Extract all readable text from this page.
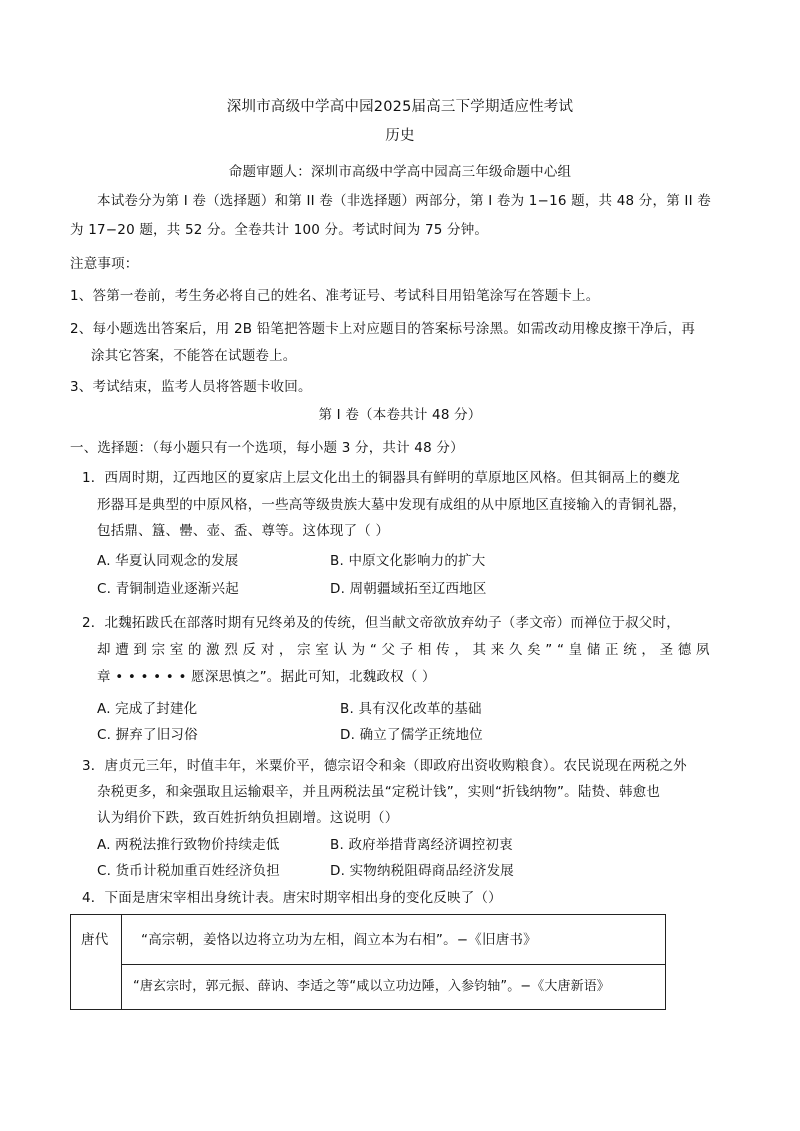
深圳市高级中学高中园2025届高三下学期适应性考试
历史
命题审题人：深圳市高级中学高中园高三年级命题中心组
本试卷分为第 I 卷（选择题）和第 II 卷（非选择题）两部分，第 I 卷为 1−16 题，共 48 分，第 II 卷
为 17−20 题，共 52 分。全卷共计 100 分。考试时间为 75 分钟。
注意事项：
1、答第一卷前，考生务必将自己的姓名、准考证号、考试科目用铅笔涂写在答题卡上。
2、每小题选出答案后，用 2B 铅笔把答题卡上对应题目的答案标号涂黑。如需改动用橡皮擦干净后，再
涂其它答案，不能答在试题卷上。
3、考试结束，监考人员将答题卡收回。
第 I 卷（本卷共计 48 分）
一、选择题：（每小题只有一个选项，每小题 3 分，共计 48 分）
1．西周时期，辽西地区的夏家店上层文化出土的铜器具有鲜明的草原地区风格。但其铜鬲上的夔龙
形器耳是典型的中原风格，一些高等级贵族大墓中发现有成组的从中原地区直接输入的青铜礼器，
包括鼎、簋、罍、壶、盉、尊等。这体现了（ ）
A. 华夏认同观念的发展	B. 中原文化影响力的扩大
C. 青铜制造业逐渐兴起	D. 周朝疆域拓至辽西地区
2．北魏拓跋氏在部落时期有兄终弟及的传统，但当献文帝欲放弃幼子（孝文帝）而禅位于叔父时，
却 遭 到 宗 室 的 激 烈 反 对 ， 宗 室 认 为 “ 父 子 相 传 ， 其 来 久 矣 ” “ 皇 储 正 统 ， 圣 德 夙
章 • • • • • • 愿深思慎之”。据此可知，北魏政权（ ）
A. 完成了封建化	B. 具有汉化改革的基础
C. 摒弃了旧习俗	D. 确立了儒学正统地位
3．唐贞元三年，时值丰年，米粟价平，德宗诏令和籴（即政府出资收购粮食）。农民说现在两税之外
杂税更多，和籴强取且运输艰辛，并且两税法虽“定税计钱”，实则“折钱纳物”。陆贽、韩愈也
认为绢价下跌，致百姓折纳负担剧增。这说明（）
A. 两税法推行致物价持续走低	B. 政府举措背离经济调控初衷
C. 货币计税加重百姓经济负担	D. 实物纳税阻碍商品经济发展
4．下面是唐宋宰相出身统计表。唐宋时期宰相出身的变化反映了（）
唐代 “高宗朝，姜恪以边将立功为左相，阎立本为右相”。−《旧唐书》
“唐玄宗时，郭元振、薛讷、李适之等“咸以立功边陲，入参钧轴”。−《大唐新语》
